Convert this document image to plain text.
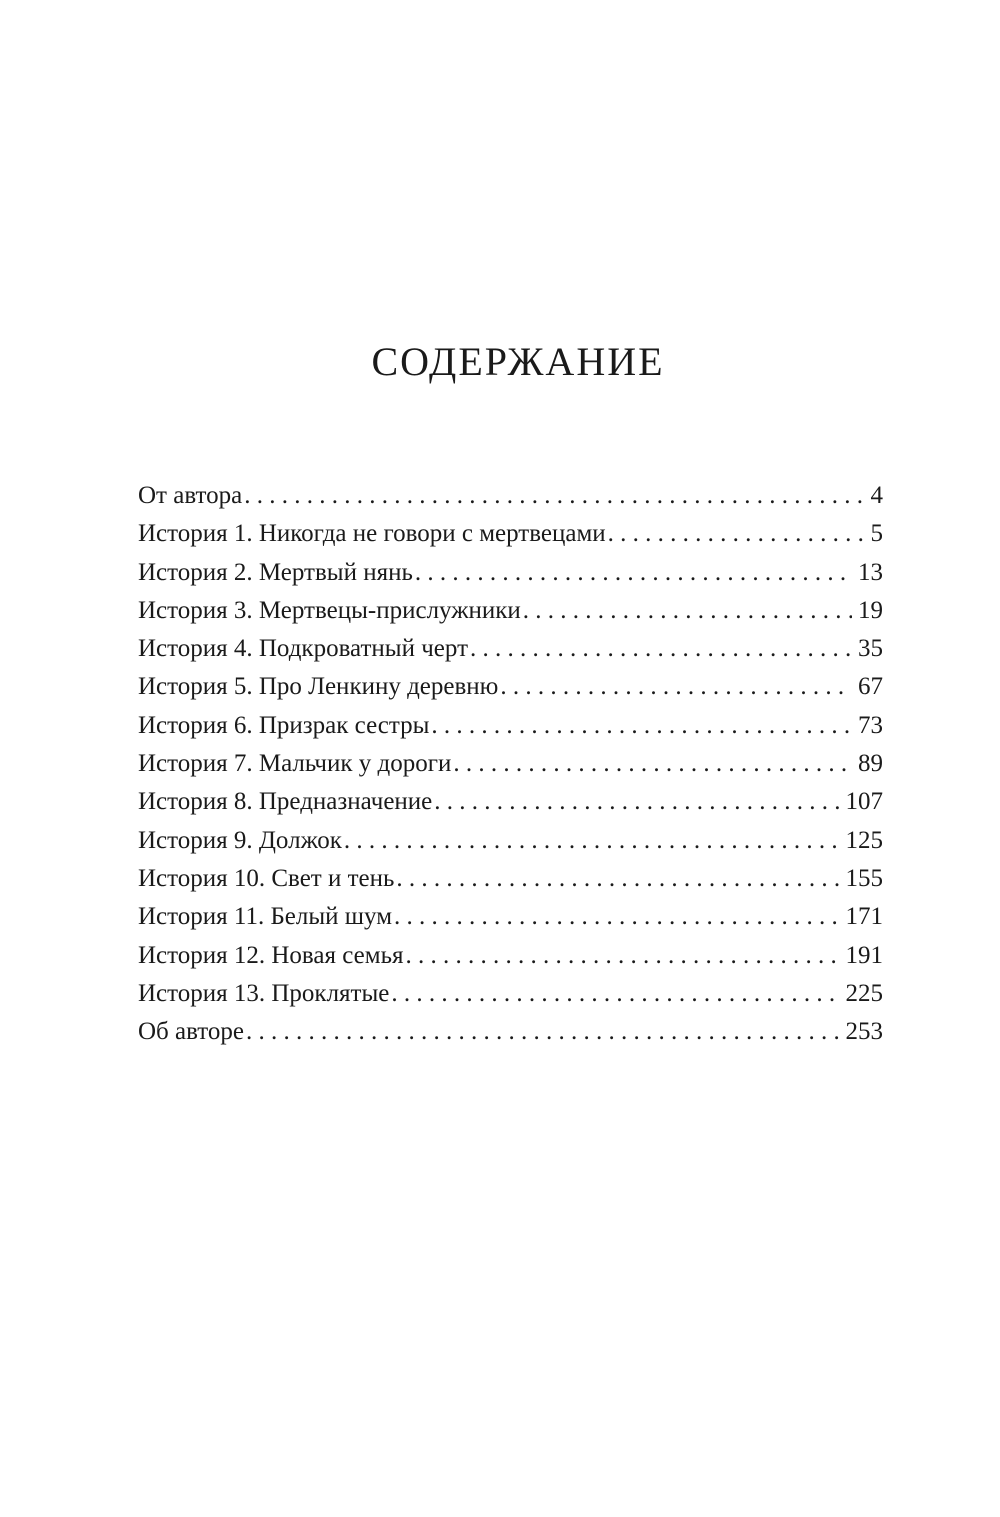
СОДЕРЖАНИЕ
От автора . . .	4
История 1. Никогда не говори с мертвецами . . .	5
История 2. Мертвый нянь . . .	13
История 3. Мертвецы-прислужники . . .	19
История 4. Подкроватный черт . . .	35
История 5. Про Ленкину деревню . . .	67
История 6. Призрак сестры . . .	73
История 7. Мальчик у дороги . . .	89
История 8. Предназначение . . .	107
История 9. Должок . . .	125
История 10. Свет и тень . . .	155
История 11. Белый шум . . .	171
История 12. Новая семья . . .	191
История 13. Проклятые . . .	225
Об авторе . . .	253
